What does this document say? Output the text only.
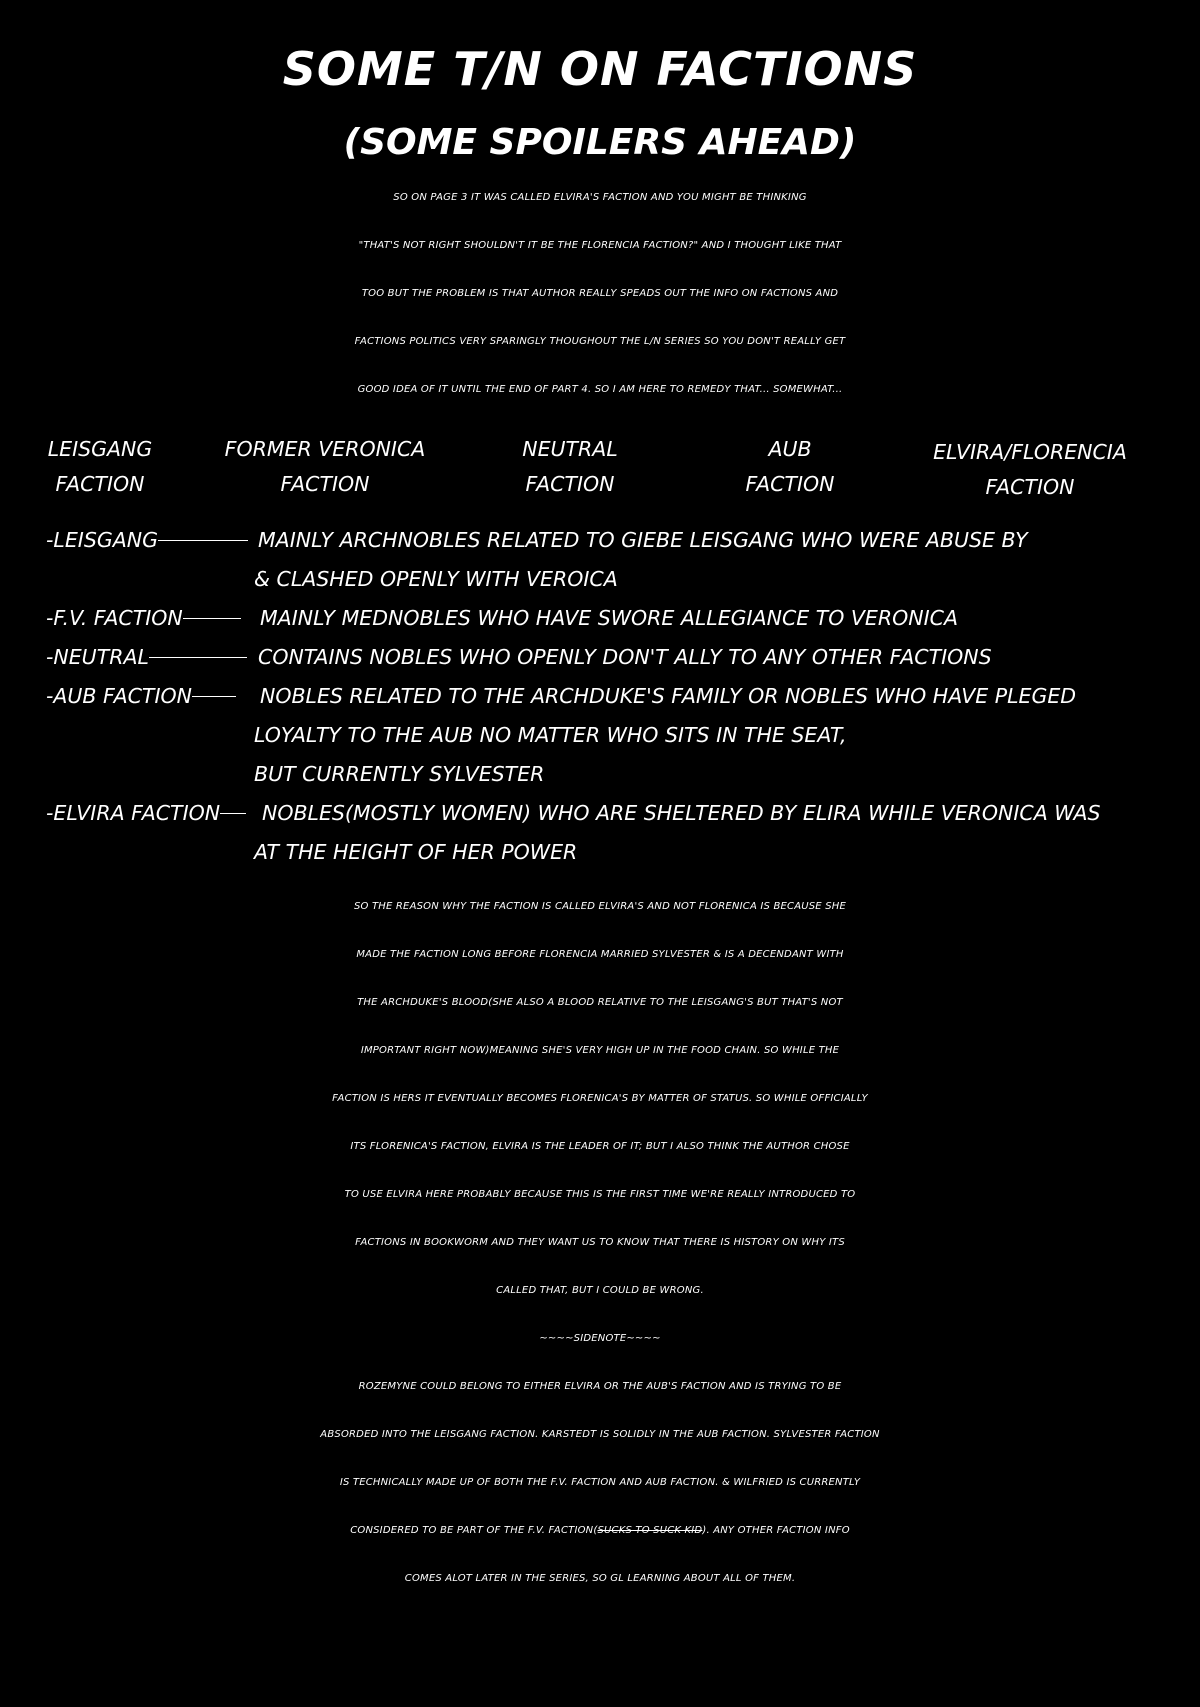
SOME T/N ON FACTIONS
(SOME SPOILERS AHEAD)
SO ON PAGE 3 IT WAS CALLED ELVIRA'S FACTION AND YOU MIGHT BE THINKING
"THAT'S NOT RIGHT SHOULDN'T IT BE THE FLORENCIA FACTION?" AND I THOUGHT LIKE THAT
TOO BUT THE PROBLEM IS THAT AUTHOR REALLY SPEADS OUT THE INFO ON FACTIONS AND
FACTIONS POLITICS VERY SPARINGLY THOUGHOUT THE L/N SERIES SO YOU DON'T REALLY GET
GOOD IDEA OF IT UNTIL THE END OF PART 4. SO I AM HERE TO REMEDY THAT... SOMEWHAT...
LEISGANG
FACTION
FORMER VERONICA
FACTION
NEUTRAL
FACTION
AUB
FACTION
ELVIRA/FLORENCIA
FACTION
-LEISGANG	MAINLY ARCHNOBLES RELATED TO GIEBE LEISGANG WHO WERE ABUSE BY
& CLASHED OPENLY WITH VEROICA
-F.V. FACTION	MAINLY MEDNOBLES WHO HAVE SWORE ALLEGIANCE TO VERONICA
-NEUTRAL	CONTAINS NOBLES WHO OPENLY DON'T ALLY TO ANY OTHER FACTIONS
-AUB FACTION	NOBLES RELATED TO THE ARCHDUKE'S FAMILY OR NOBLES WHO HAVE PLEGED
LOYALTY TO THE AUB NO MATTER WHO SITS IN THE SEAT,
BUT CURRENTLY SYLVESTER
-ELVIRA FACTION	NOBLES(MOSTLY WOMEN) WHO ARE SHELTERED BY ELIRA WHILE VERONICA WAS
AT THE HEIGHT OF HER POWER
SO THE REASON WHY THE FACTION IS CALLED ELVIRA'S AND NOT FLORENICA IS BECAUSE SHE
MADE THE FACTION LONG BEFORE FLORENCIA MARRIED SYLVESTER & IS A DECENDANT WITH
THE ARCHDUKE'S BLOOD(SHE ALSO A BLOOD RELATIVE TO THE LEISGANG'S BUT THAT'S NOT
IMPORTANT RIGHT NOW)MEANING SHE'S VERY HIGH UP IN THE FOOD CHAIN. SO WHILE THE
FACTION IS HERS IT EVENTUALLY BECOMES FLORENICA'S BY MATTER OF STATUS. SO WHILE OFFICIALLY
ITS FLORENICA'S FACTION, ELVIRA IS THE LEADER OF IT; BUT I ALSO THINK THE AUTHOR CHOSE
TO USE ELVIRA HERE PROBABLY BECAUSE THIS IS THE FIRST TIME WE'RE REALLY INTRODUCED TO
FACTIONS IN BOOKWORM AND THEY WANT US TO KNOW THAT THERE IS HISTORY ON WHY ITS
CALLED THAT, BUT I COULD BE WRONG.
~~~~SIDENOTE~~~~
ROZEMYNE COULD BELONG TO EITHER ELVIRA OR THE AUB'S FACTION AND IS TRYING TO BE
ABSORDED INTO THE LEISGANG FACTION. KARSTEDT IS SOLIDLY IN THE AUB FACTION. SYLVESTER FACTION
IS TECHNICALLY MADE UP OF BOTH THE F.V. FACTION AND AUB FACTION. & WILFRIED IS CURRENTLY
CONSIDERED TO BE PART OF THE F.V. FACTION(SUCKS TO SUCK KID). ANY OTHER FACTION INFO
COMES ALOT LATER IN THE SERIES, SO GL LEARNING ABOUT ALL OF THEM.
